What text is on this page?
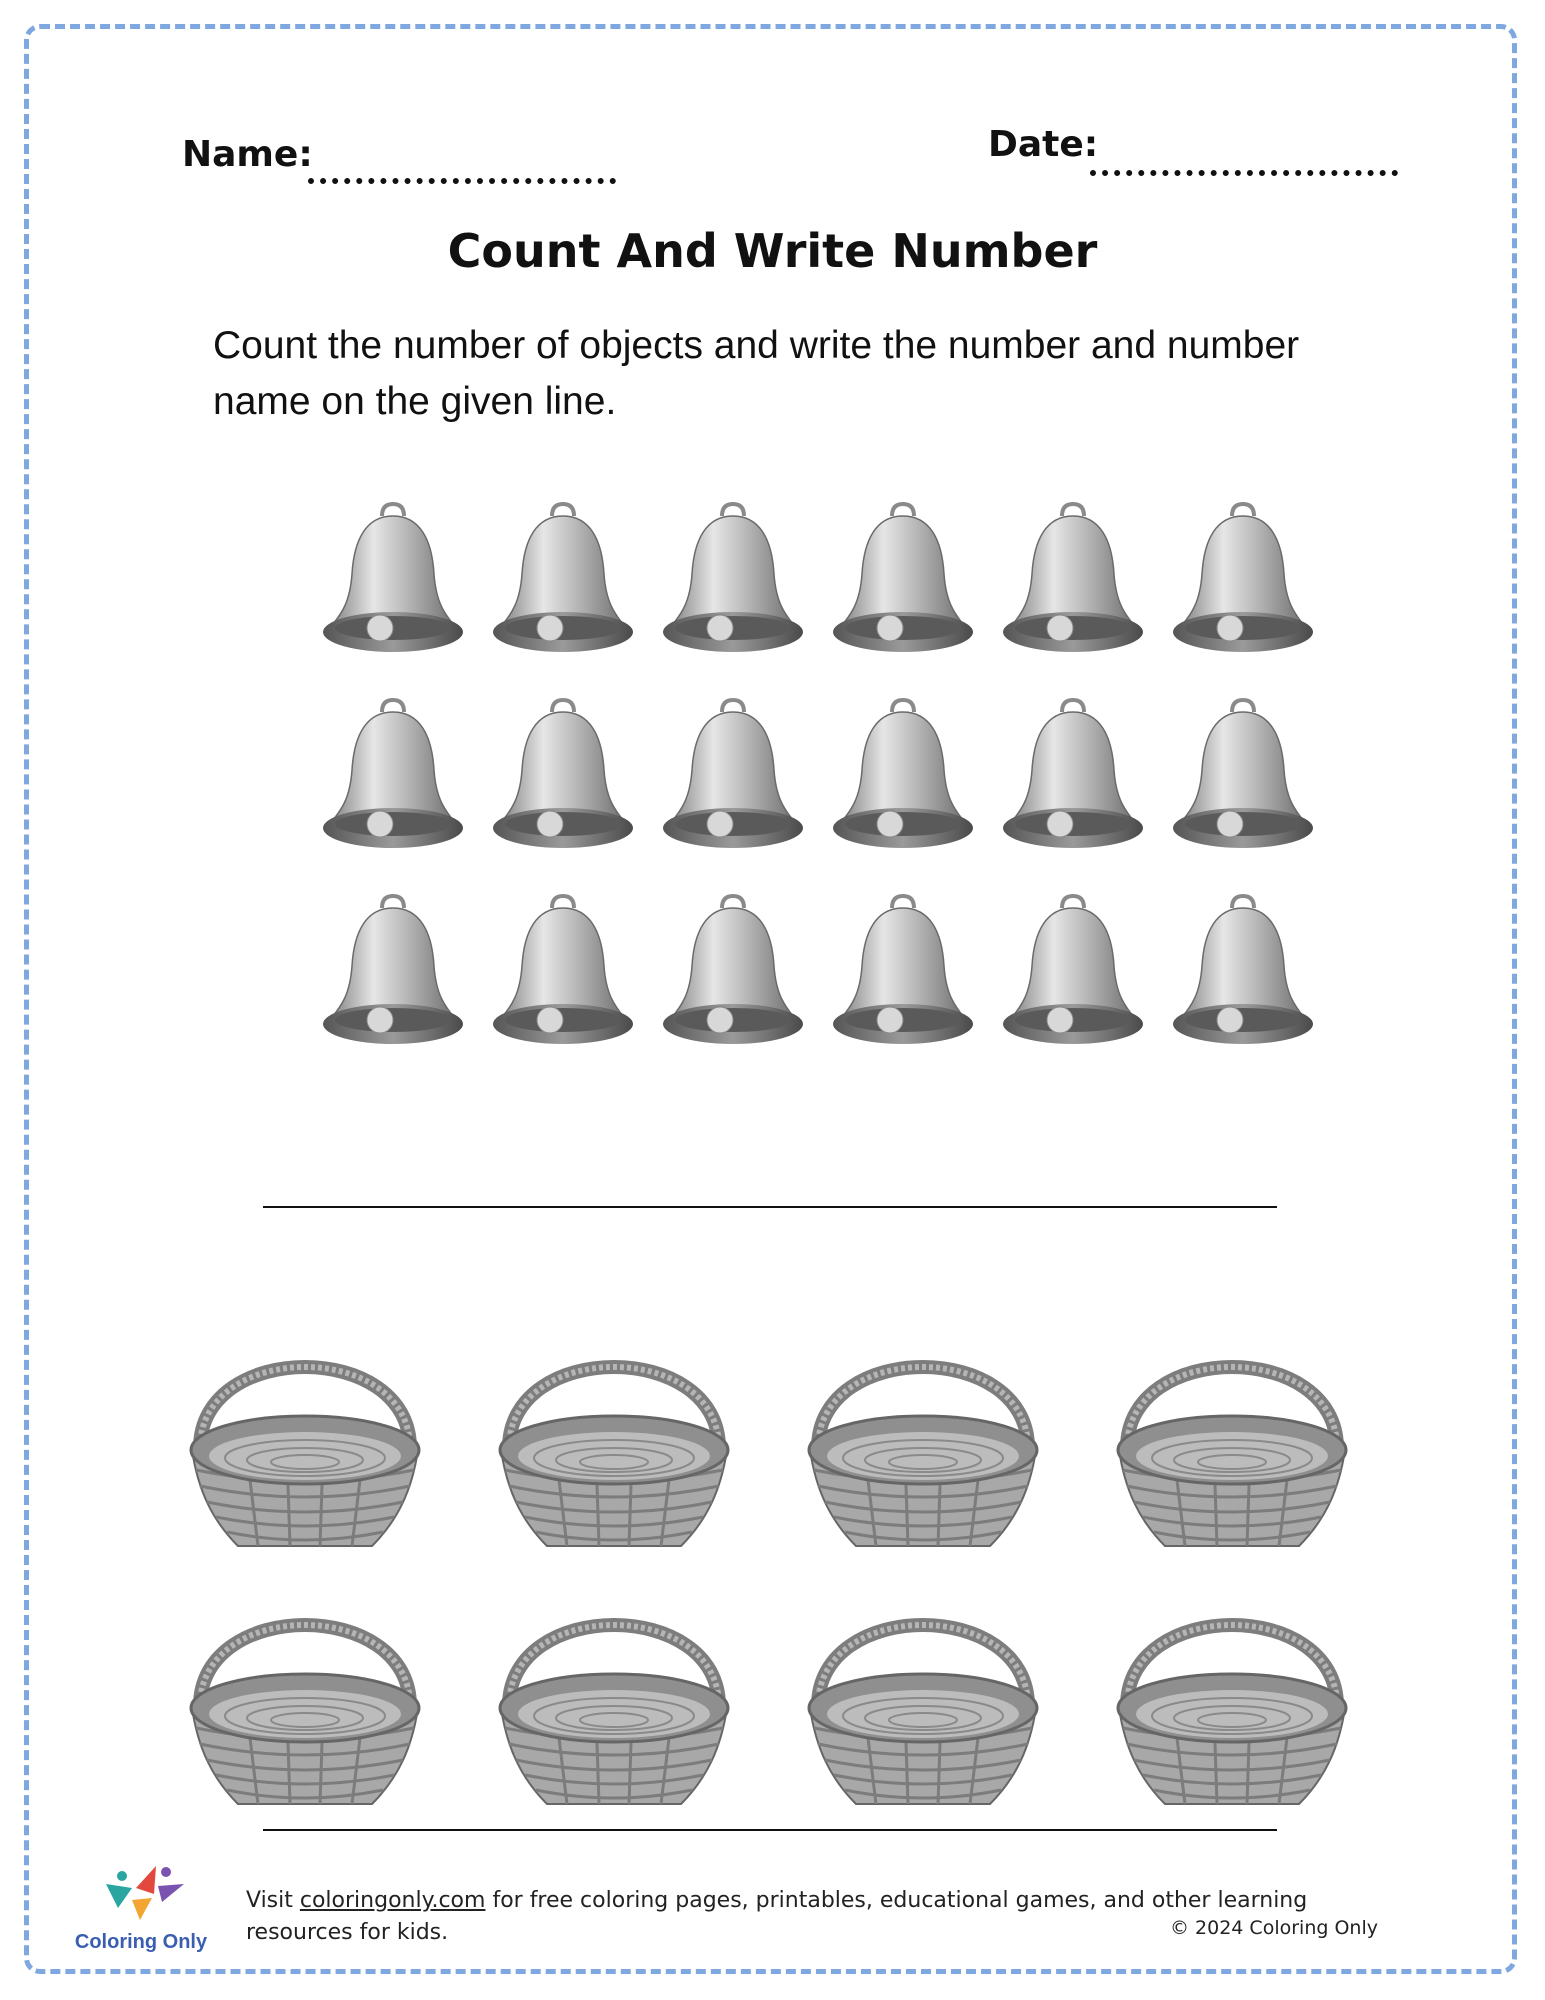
Name:	Date:
Count And Write Number
Count the number of objects and write the number and number name on the given line.
Coloring Only
Visit coloringonly.com for free coloring pages, printables, educational games, and other learning resources for kids.	© 2024 Coloring Only
